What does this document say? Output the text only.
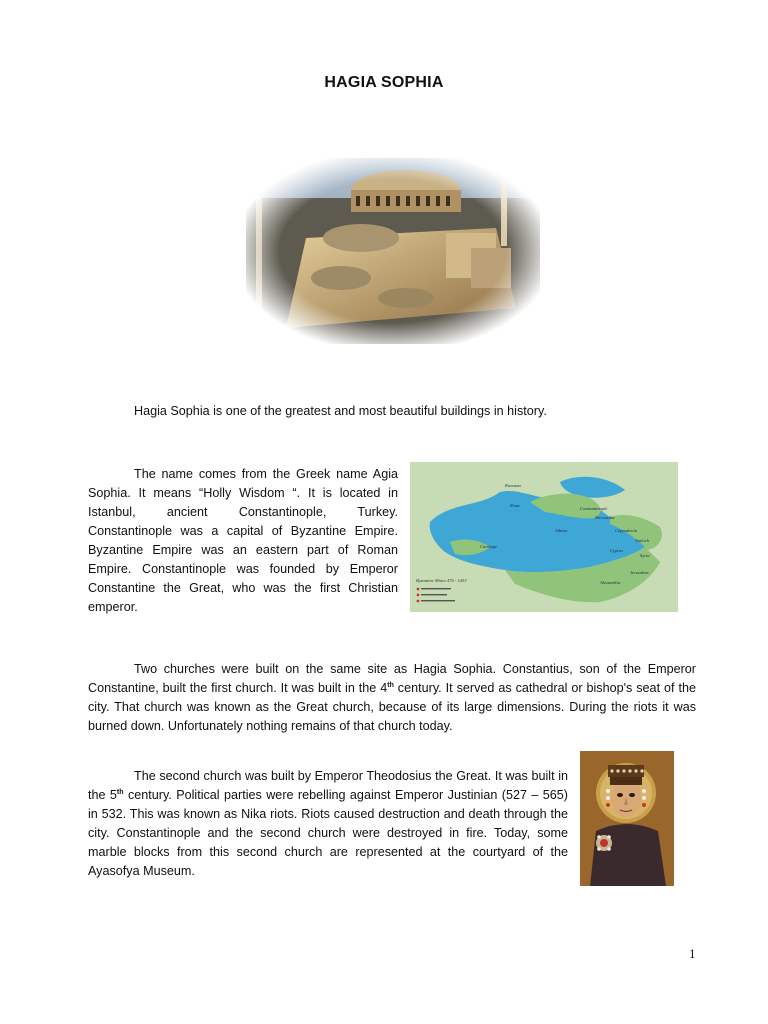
HAGIA SOPHIA

Hagia Sophia is one of the greatest and most beautiful buildings in history.

The name comes from the Greek name Agia Sophia. It means “Holly Wisdom “. It is located in Istanbul, ancient Constantinople, Turkey. Constantinople was a capital of Byzantine Empire. Byzantine Empire was an eastern part of Roman Empire. Constantinople was founded by Emperor Constantine the Great, who was the first Christian emperor.

Byzantine Mines 476 - 1453
Constantinople
Cappadocia
Syria
Jerusalem
Alexandria
Carthage
Rome
Ravenna
Athens
Cyprus
Antioch
Nicomedia

Two churches were built on the same site as Hagia Sophia. Constantius, son of the Emperor Constantine, built the first church. It was built in the 4th century. It served as cathedral or bishop's seat of the city. That church was known as the Great church, because of its large dimensions. During the riots it was burned down. Unfortunately nothing remains of that church today.

The second church was built by Emperor Theodosius the Great. It was built in the 5th century. Political parties were rebelling against Emperor Justinian (527 – 565) in 532. This was known as Nika riots. Riots caused destruction and death through the city. Constantinople and the second church were destroyed in fire. Today, some marble blocks from this second church are represented at the courtyard of the Ayasofya Museum.

1
